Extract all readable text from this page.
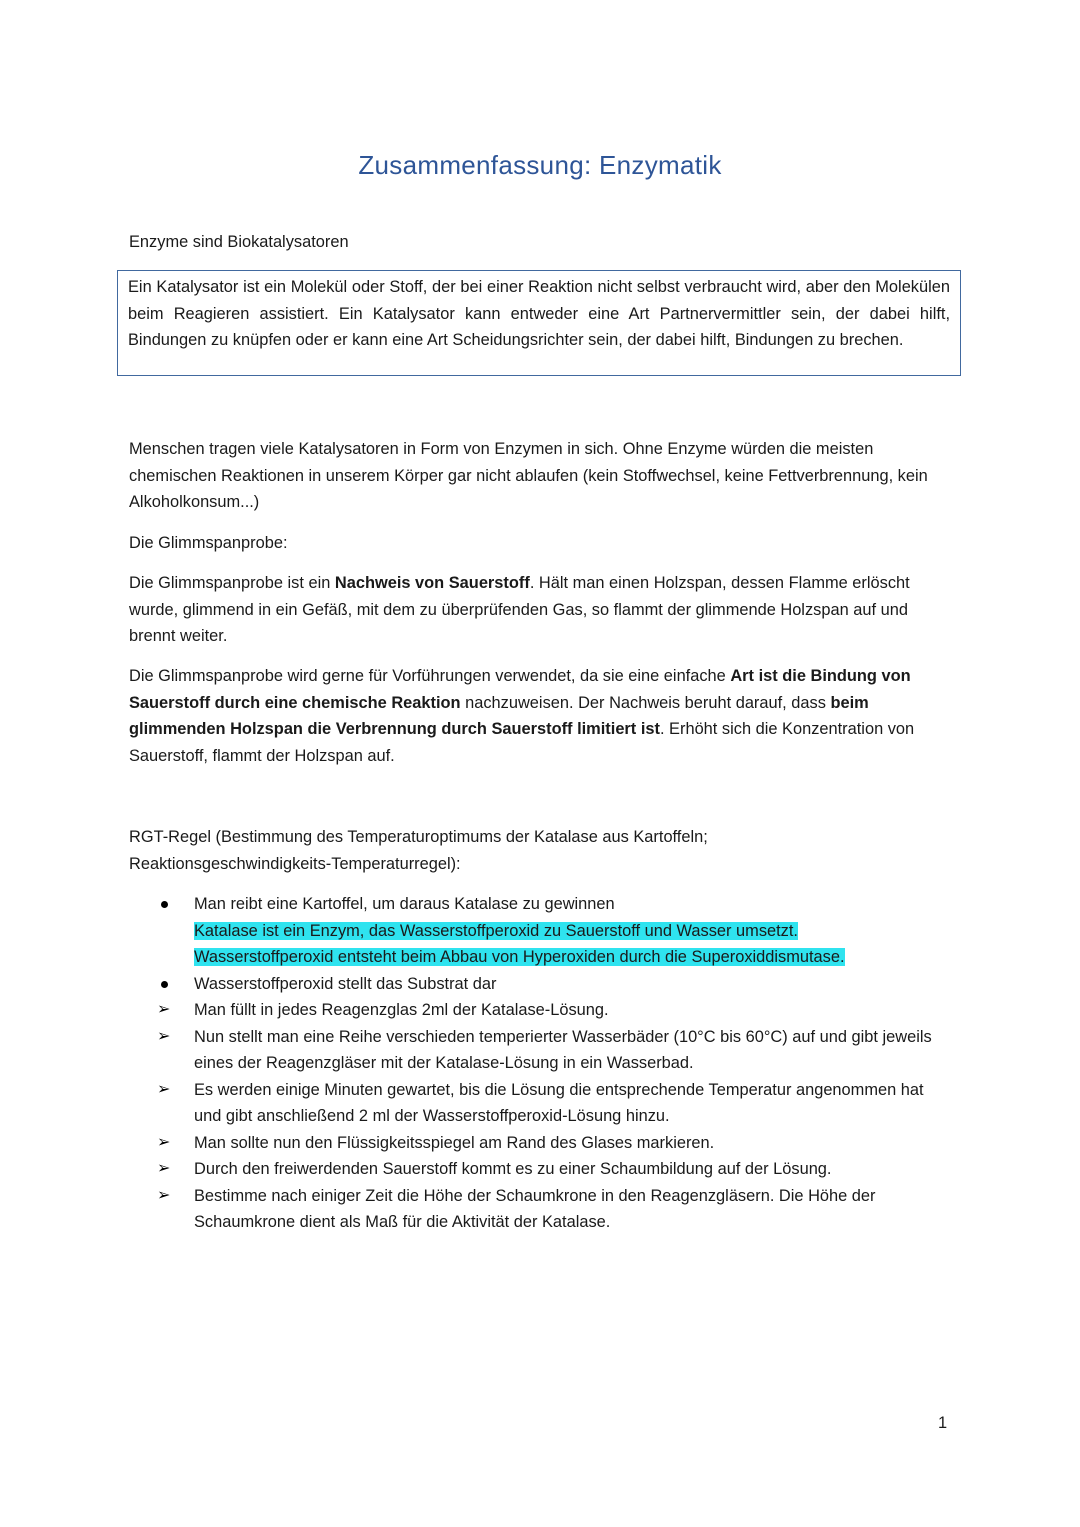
Zusammenfassung: Enzymatik

Enzyme sind Biokatalysatoren

Ein Katalysator ist ein Molekül oder Stoff, der bei einer Reaktion nicht selbst verbraucht wird, aber den Molekülen beim Reagieren assistiert. Ein Katalysator kann entweder eine Art Partnervermittler sein, der dabei hilft, Bindungen zu knüpfen oder er kann eine Art Scheidungsrichter sein, der dabei hilft, Bindungen zu brechen.

Menschen tragen viele Katalysatoren in Form von Enzymen in sich. Ohne Enzyme würden die meisten chemischen Reaktionen in unserem Körper gar nicht ablaufen (kein Stoffwechsel, keine Fettverbrennung, kein Alkoholkonsum...)

Die Glimmspanprobe:

Die Glimmspanprobe ist ein Nachweis von Sauerstoff. Hält man einen Holzspan, dessen Flamme erlöscht wurde, glimmend in ein Gefäß, mit dem zu überprüfenden Gas, so flammt der glimmende Holzspan auf und brennt weiter.

Die Glimmspanprobe wird gerne für Vorführungen verwendet, da sie eine einfache Art ist die Bindung von Sauerstoff durch eine chemische Reaktion nachzuweisen. Der Nachweis beruht darauf, dass beim glimmenden Holzspan die Verbrennung durch Sauerstoff limitiert ist. Erhöht sich die Konzentration von Sauerstoff, flammt der Holzspan auf.

RGT-Regel (Bestimmung des Temperaturoptimums der Katalase aus Kartoffeln; Reaktionsgeschwindigkeits-Temperaturregel):

Man reibt eine Kartoffel, um daraus Katalase zu gewinnen
Katalase ist ein Enzym, das Wasserstoffperoxid zu Sauerstoff und Wasser umsetzt.
Wasserstoffperoxid entsteht beim Abbau von Hyperoxiden durch die Superoxiddismutase.
Wasserstoffperoxid stellt das Substrat dar
➢	Man füllt in jedes Reagenzglas 2ml der Katalase-Lösung.
➢	Nun stellt man eine Reihe verschieden temperierter Wasserbäder (10°C bis 60°C) auf und gibt jeweils eines der Reagenzgläser mit der Katalase-Lösung in ein Wasserbad.
➢	Es werden einige Minuten gewartet, bis die Lösung die entsprechende Temperatur angenommen hat und gibt anschließend 2 ml der Wasserstoffperoxid-Lösung hinzu.
➢	Man sollte nun den Flüssigkeitsspiegel am Rand des Glases markieren.
➢	Durch den freiwerdenden Sauerstoff kommt es zu einer Schaumbildung auf der Lösung.
➢	Bestimme nach einiger Zeit die Höhe der Schaumkrone in den Reagenzgläsern. Die Höhe der Schaumkrone dient als Maß für die Aktivität der Katalase.
1
